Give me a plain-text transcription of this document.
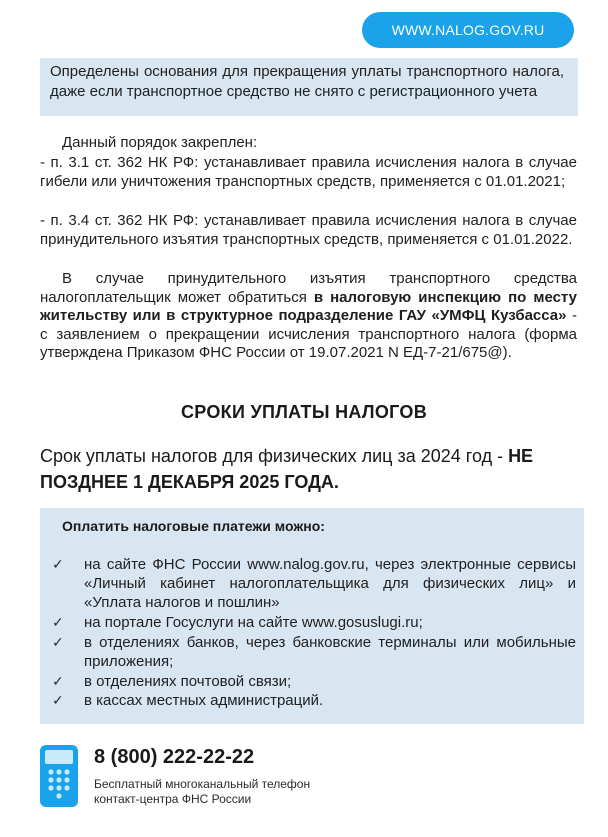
WWW.NALOG.GOV.RU

Определены основания для прекращения уплаты транспортного налога, даже если транспортное средство не снято с регистрационного учета

Данный порядок закреплен:

- п. 3.1 ст. 362 НК РФ: устанавливает правила исчисления налога в случае гибели или уничтожения транспортных средств, применяется с 01.01.2021;

- п. 3.4 ст. 362 НК РФ: устанавливает правила исчисления налога в случае принудительного изъятия транспортных средств, применяется с 01.01.2022.

В случае принудительного изъятия транспортного средства налогоплательщик может обратиться в налоговую инспекцию по месту жительству или в структурное подразделение ГАУ «УМФЦ Кузбасса» - с заявлением о прекращении исчисления транспортного налога (форма утверждена Приказом ФНС России от 19.07.2021 N ЕД-7-21/675@).

СРОКИ УПЛАТЫ НАЛОГОВ

Срок уплаты налогов для физических лиц за 2024 год - НЕ ПОЗДНЕЕ 1 ДЕКАБРЯ 2025 ГОДА.

Оплатить налоговые платежи можно:
✓ на сайте ФНС России www.nalog.gov.ru, через электронные сервисы «Личный кабинет налогоплательщика для физических лиц» и «Уплата налогов и пошлин»
✓ на портале Госуслуги на сайте www.gosuslugi.ru;
✓ в отделениях банков, через банковские терминалы или мобильные приложения;
✓ в отделениях почтовой связи;
✓ в кассах местных администраций.
8 (800) 222-22-22
Бесплатный многоканальный телефон
контакт-центра ФНС России
